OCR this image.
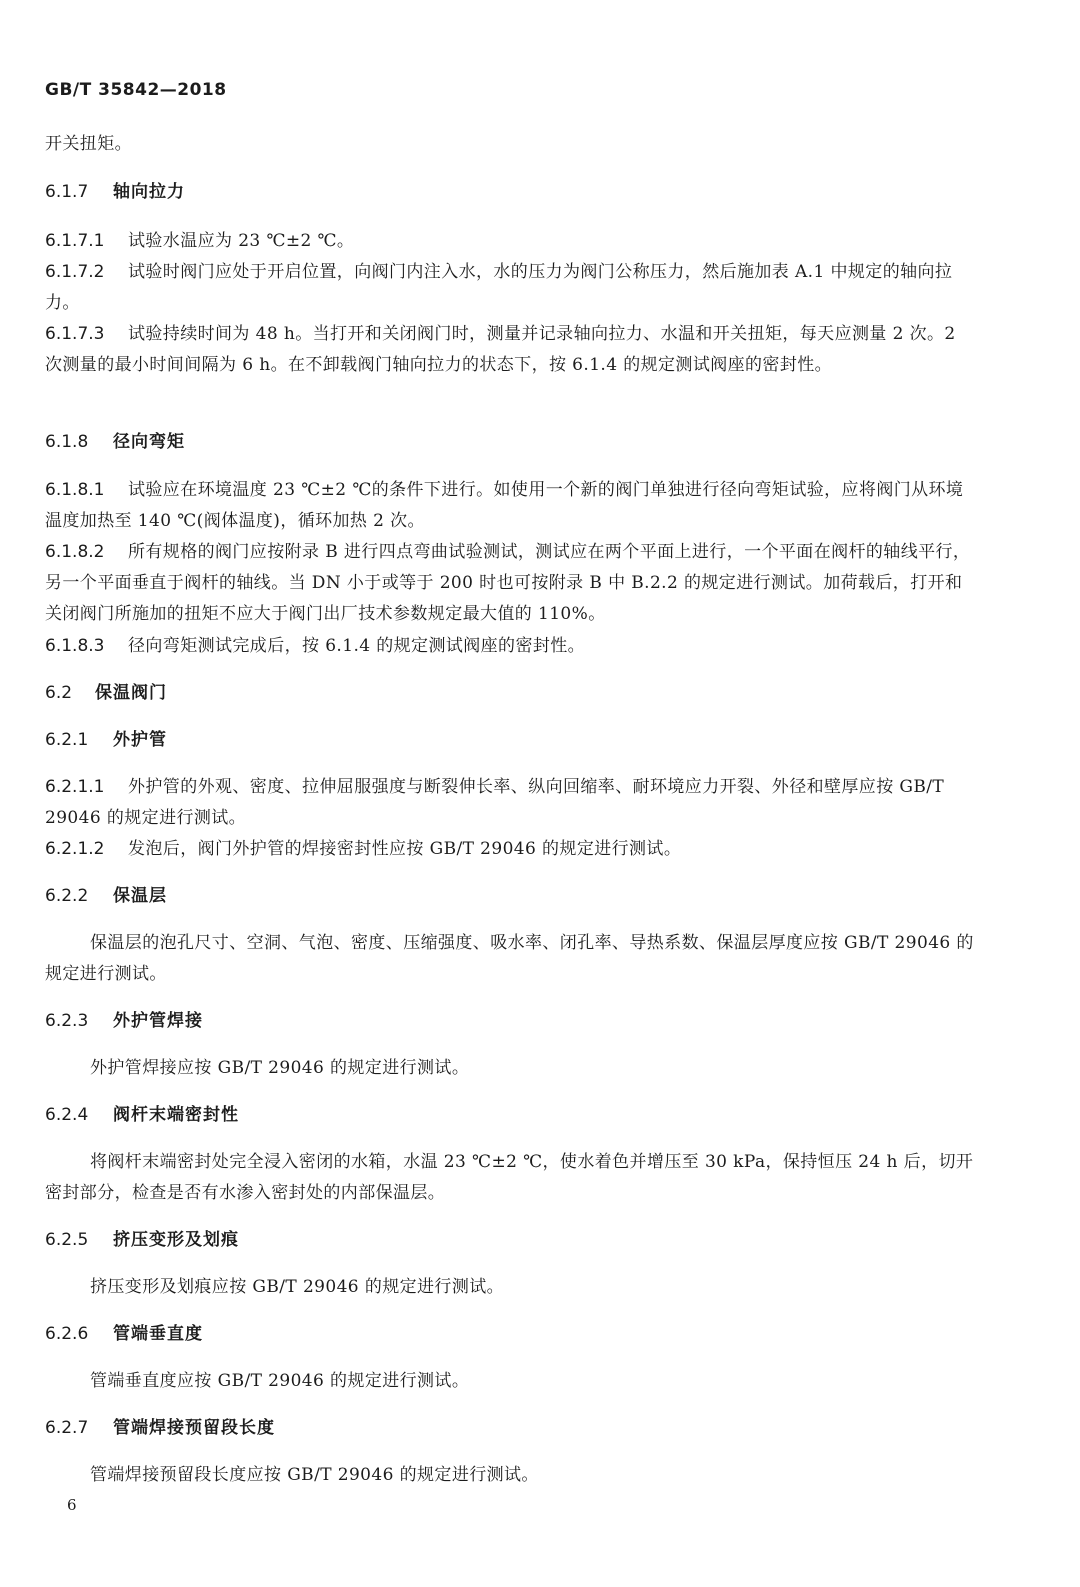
GB/T 35842—2018
开关扭矩。
6.1.7 轴向拉力
6.1.7.1	试验水温应为 23 ℃±2 ℃。
6.1.7.2	试验时阀门应处于开启位置，向阀门内注入水，水的压力为阀门公称压力，然后施加表 A.1 中规定的轴向拉力。
6.1.7.3	试验持续时间为 48 h。当打开和关闭阀门时，测量并记录轴向拉力、水温和开关扭矩，每天应测量 2 次。2 次测量的最小时间间隔为 6 h。在不卸载阀门轴向拉力的状态下，按 6.1.4 的规定测试阀座的密封性。
6.1.8 径向弯矩
6.1.8.1	试验应在环境温度 23 ℃±2 ℃的条件下进行。如使用一个新的阀门单独进行径向弯矩试验，应将阀门从环境温度加热至 140 ℃(阀体温度)，循环加热 2 次。
6.1.8.2	所有规格的阀门应按附录 B 进行四点弯曲试验测试，测试应在两个平面上进行，一个平面在阀杆的轴线平行，另一个平面垂直于阀杆的轴线。当 DN 小于或等于 200 时也可按附录 B 中 B.2.2 的规定进行测试。加荷载后，打开和关闭阀门所施加的扭矩不应大于阀门出厂技术参数规定最大值的 110%。
6.1.8.3	径向弯矩测试完成后，按 6.1.4 的规定测试阀座的密封性。
6.2 保温阀门
6.2.1 外护管
6.2.1.1	外护管的外观、密度、拉伸屈服强度与断裂伸长率、纵向回缩率、耐环境应力开裂、外径和壁厚应按 GB/T 29046 的规定进行测试。
6.2.1.2	发泡后，阀门外护管的焊接密封性应按 GB/T 29046 的规定进行测试。
6.2.2 保温层
保温层的泡孔尺寸、空洞、气泡、密度、压缩强度、吸水率、闭孔率、导热系数、保温层厚度应按 GB/T 29046 的规定进行测试。
6.2.3 外护管焊接
外护管焊接应按 GB/T 29046 的规定进行测试。
6.2.4 阀杆末端密封性
将阀杆末端密封处完全浸入密闭的水箱，水温 23 ℃±2 ℃，使水着色并增压至 30 kPa，保持恒压 24 h 后，切开密封部分，检查是否有水渗入密封处的内部保温层。
6.2.5 挤压变形及划痕
挤压变形及划痕应按 GB/T 29046 的规定进行测试。
6.2.6 管端垂直度
管端垂直度应按 GB/T 29046 的规定进行测试。
6.2.7 管端焊接预留段长度
管端焊接预留段长度应按 GB/T 29046 的规定进行测试。
6
